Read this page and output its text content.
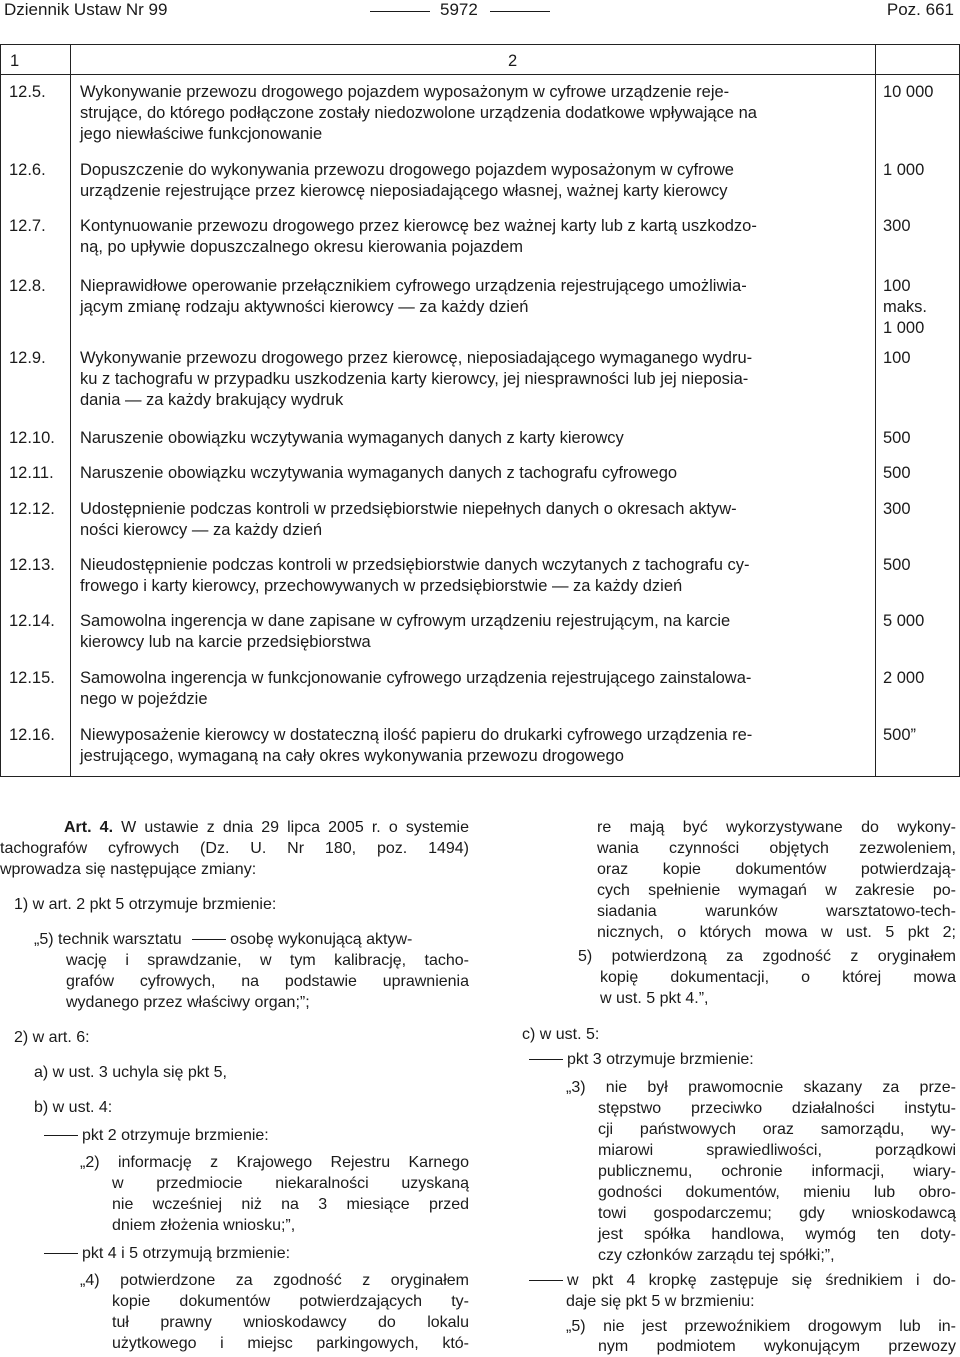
Dziennik Ustaw Nr 99	5972	Poz. 661
1	2
12.5. Wykonywanie przewozu drogowego pojazdem wyposażonym w cyfrowe urządzenie reje-
strujące, do którego podłączone zostały niedozwolone urządzenia dodatkowe wpływające na
jego niewłaściwe funkcjonowanie
10 000
12.6. Dopuszczenie do wykonywania przewozu drogowego pojazdem wyposażonym w cyfrowe
urządzenie rejestrujące przez kierowcę nieposiadającego własnej, ważnej karty kierowcy
1 000
12.7. Kontynuowanie przewozu drogowego przez kierowcę bez ważnej karty lub z kartą uszkodzo-
ną, po upływie dopuszczalnego okresu kierowania pojazdem
300
12.8. Nieprawidłowe operowanie przełącznikiem cyfrowego urządzenia rejestrującego umożliwia-
jącym zmianę rodzaju aktywności kierowcy — za każdy dzień
100
maks.
1 000
12.9. Wykonywanie przewozu drogowego przez kierowcę, nieposiadającego wymaganego wydru-
ku z tachografu w przypadku uszkodzenia karty kierowcy, jej niesprawności lub jej nieposia-
dania — za każdy brakujący wydruk
100
12.10. Naruszenie obowiązku wczytywania wymaganych danych z karty kierowcy	500
12.11. Naruszenie obowiązku wczytywania wymaganych danych z tachografu cyfrowego	500
12.12. Udostępnienie podczas kontroli w przedsiębiorstwie niepełnych danych o okresach aktyw-
ności kierowcy — za każdy dzień
300
12.13. Nieudostępnienie podczas kontroli w przedsiębiorstwie danych wczytanych z tachografu cy-
frowego i karty kierowcy, przechowywanych w przedsiębiorstwie — za każdy dzień
500
12.14. Samowolna ingerencja w dane zapisane w cyfrowym urządzeniu rejestrującym, na karcie
kierowcy lub na karcie przedsiębiorstwa
5 000
12.15. Samowolna ingerencja w funkcjonowanie cyfrowego urządzenia rejestrującego zainstalowa-
nego w pojeździe
2 000
12.16. Niewyposażenie kierowcy w dostateczną ilość papieru do drukarki cyfrowego urządzenia re-
jestrującego, wymaganą na cały okres wykonywania przewozu drogowego
500”
Art. 4. W ustawie z dnia 29 lipca 2005 r. o systemie
tachografów cyfrowych (Dz. U. Nr 180, poz. 1494)
wprowadza się następujące zmiany:
1) w art. 2 pkt 5 otrzymuje brzmienie:
„5) technik warsztatu	osobę wykonującą aktyw-
wację i sprawdzanie, w tym kalibrację, tacho-
grafów cyfrowych, na podstawie uprawnienia
wydanego przez właściwy organ;”;
2) w art. 6:
a) w ust. 3 uchyla się pkt 5,
b) w ust. 4:
pkt 2 otrzymuje brzmienie:
„2) informację z Krajowego Rejestru Karnego
w przedmiocie niekaralności uzyskaną
nie wcześniej niż na 3 miesiące przed
dniem złożenia wniosku;”,
pkt 4 i 5 otrzymują brzmienie:
„4) potwierdzone za zgodność z oryginałem
kopie dokumentów potwierdzających ty-
tuł prawny wnioskodawcy do lokalu
użytkowego i miejsc parkingowych, któ-
re mają być wykorzystywane do wykony-
wania czynności objętych zezwoleniem,
oraz kopie dokumentów potwierdzają-
cych spełnienie wymagań w zakresie po-
siadania warunków warsztatowo-tech-
nicznych, o których mowa w ust. 5 pkt 2;
5) potwierdzoną za zgodność z oryginałem
kopię dokumentacji, o której mowa
w ust. 5 pkt 4.”,
c) w ust. 5:
pkt 3 otrzymuje brzmienie:
„3) nie był prawomocnie skazany za prze-
stępstwo przeciwko działalności instytu-
cji państwowych oraz samorządu, wy-
miarowi sprawiedliwości, porządkowi
publicznemu, ochronie informacji, wiary-
godności dokumentów, mieniu lub obro-
towi gospodarczemu; gdy wnioskodawcą
jest spółka handlowa, wymóg ten doty-
czy członków zarządu tej spółki;”,
w pkt 4 kropkę zastępuje się średnikiem i do-
daje się pkt 5 w brzmieniu:
„5) nie jest przewoźnikiem drogowym lub in-
nym podmiotem wykonującym przewozy
